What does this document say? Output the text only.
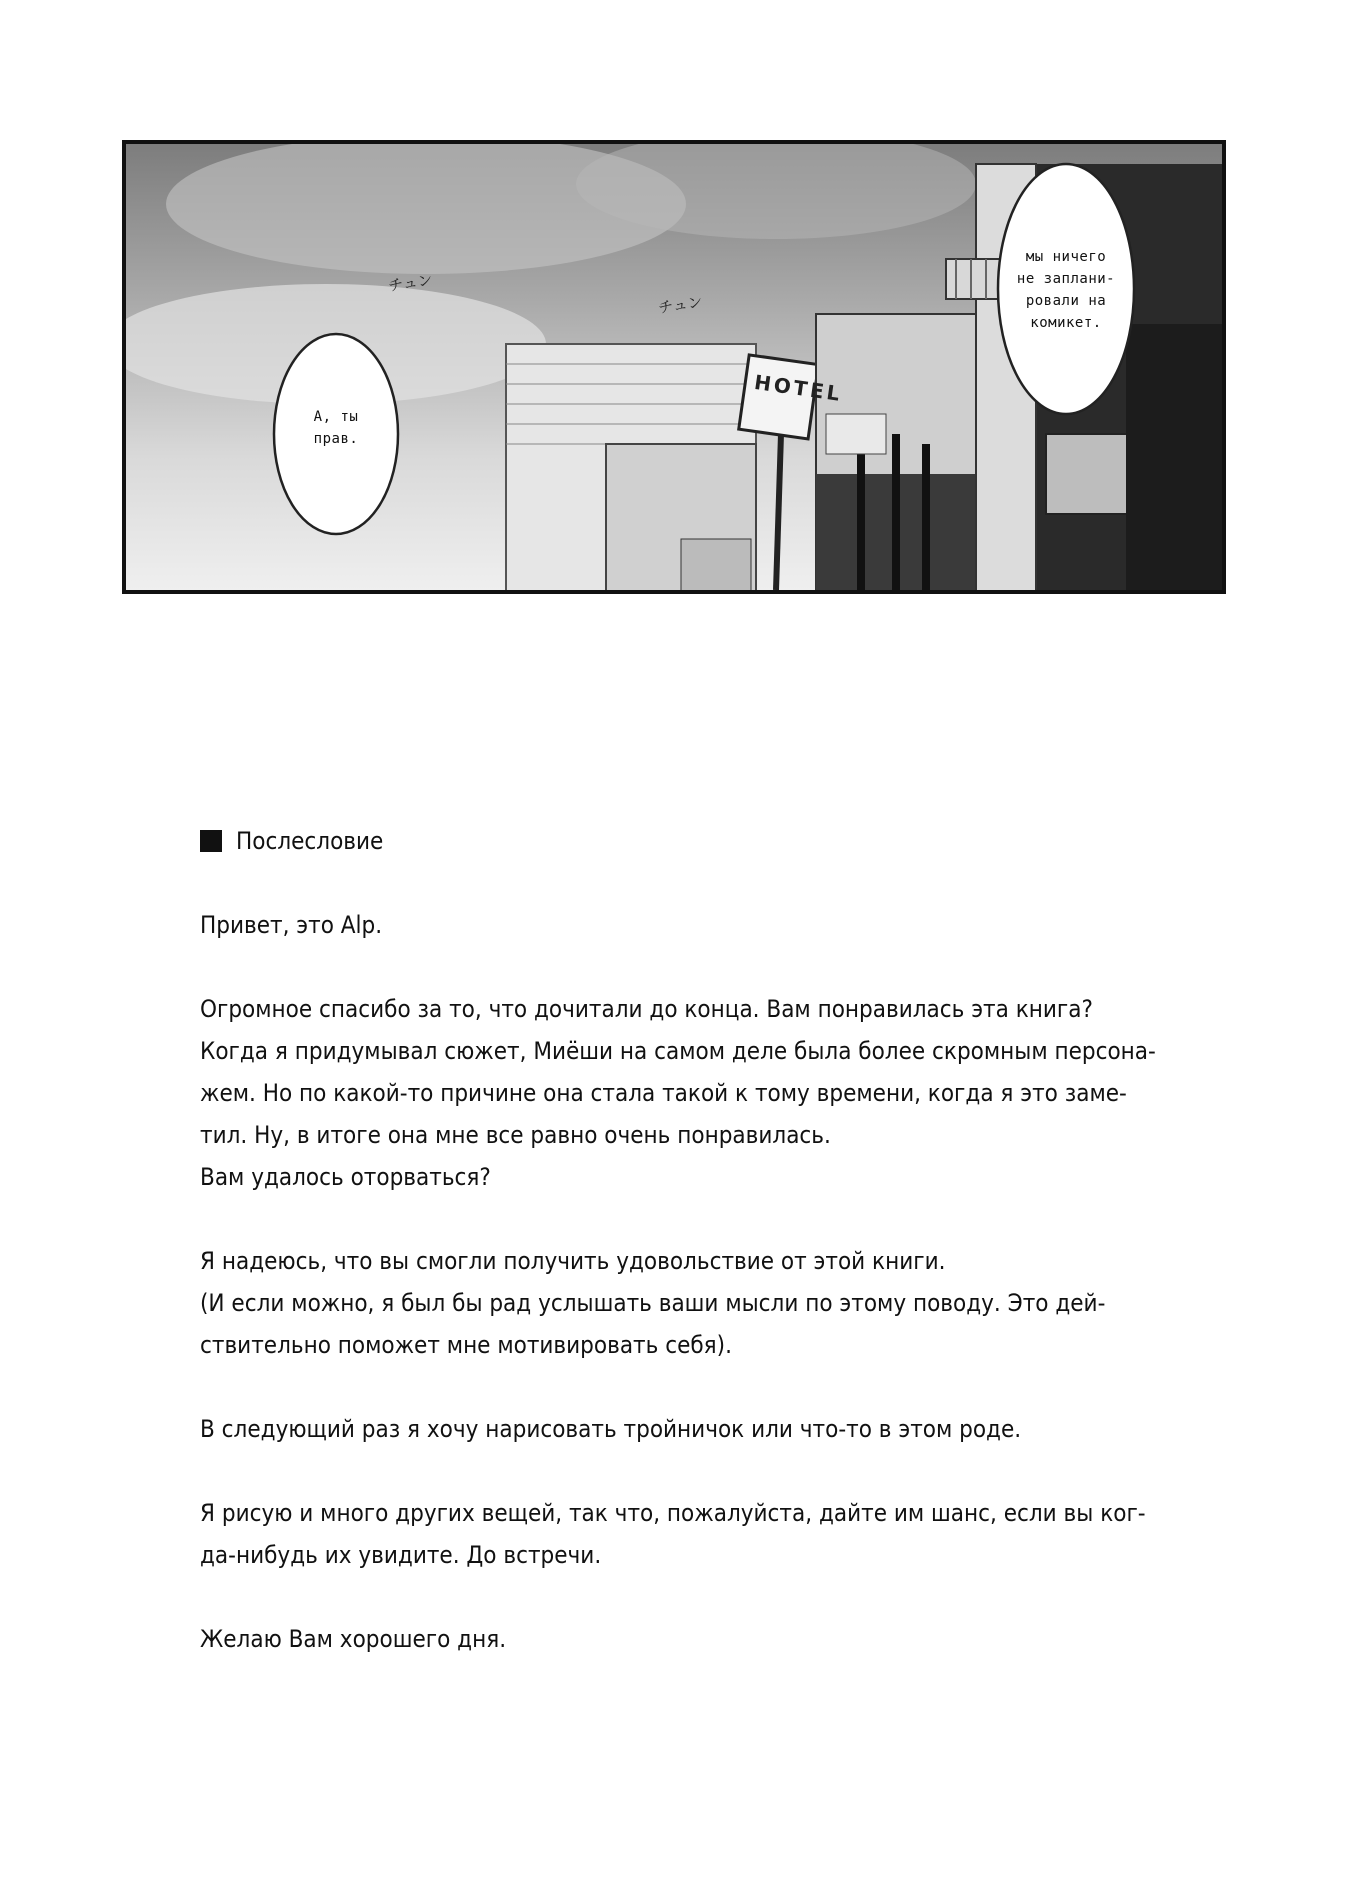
А, ты
прав.
мы ничего
не заплани-
ровали на
комикет.
チュン
チュン
HOTEL
Послесловие

Привет, это Alp.

Огромное спасибо за то, что дочитали до конца. Вам понравилась эта книга?
Когда я придумывал сюжет, Миёши на самом деле была более скромным персона-
жем. Но по какой-то причине она стала такой к тому времени, когда я это заме-
тил. Ну, в итоге она мне все равно очень понравилась.
Вам удалось оторваться?

Я надеюсь, что вы смогли получить удовольствие от этой книги.
(И если можно, я был бы рад услышать ваши мысли по этому поводу. Это дей-
ствительно поможет мне мотивировать себя).

В следующий раз я хочу нарисовать тройничок или что-то в этом роде.

Я рисую и много других вещей, так что, пожалуйста, дайте им шанс, если вы ког-
да-нибудь их увидите. До встречи.

Желаю Вам хорошего дня.
